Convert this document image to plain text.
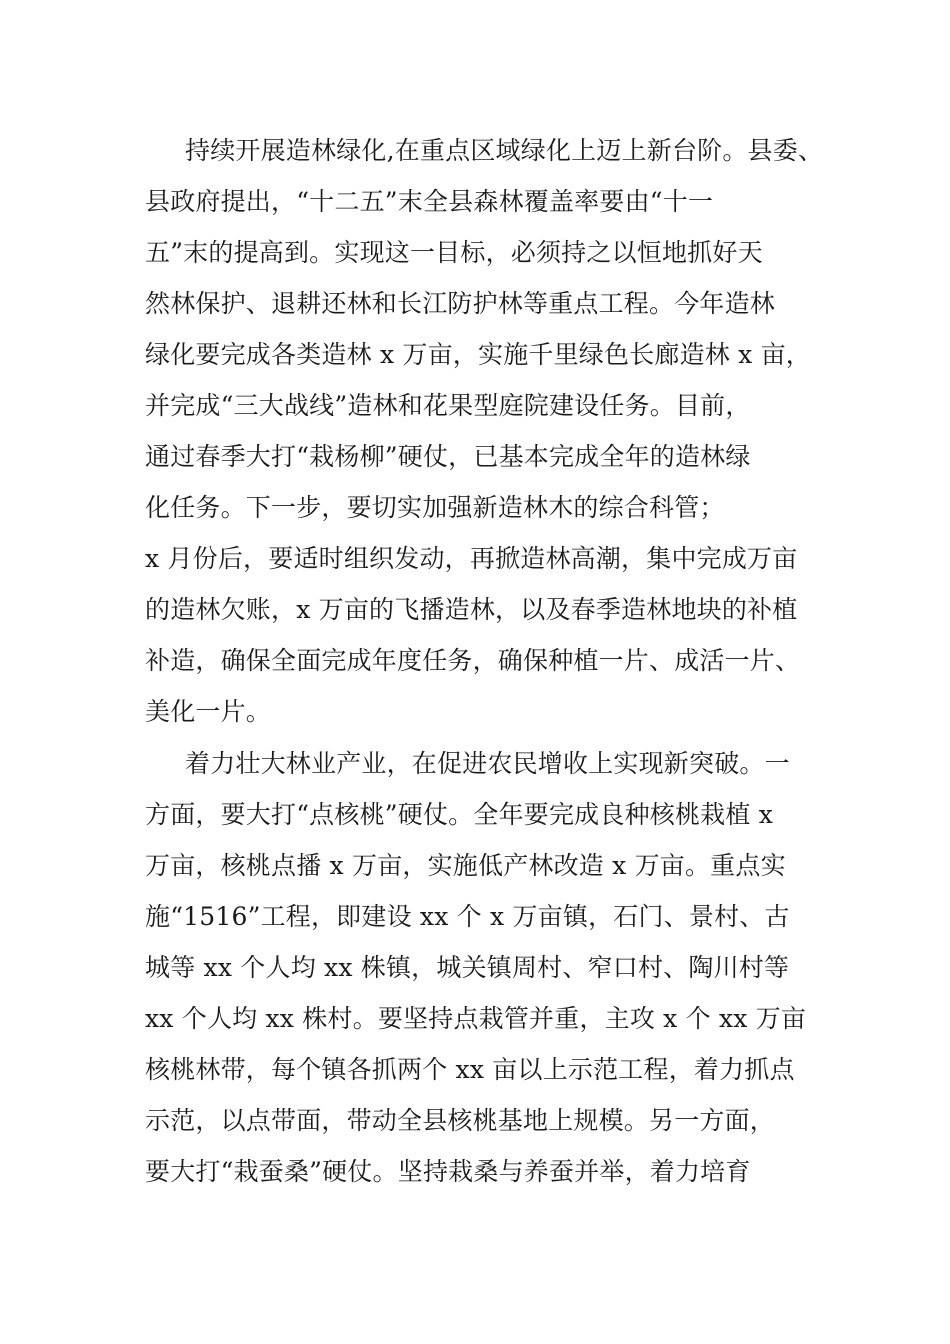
持续开展造林绿化,在重点区域绿化上迈上新台阶。县委、
县政府提出，“十二五”末全县森林覆盖率要由“十一
五”末的提高到。实现这一目标，必须持之以恒地抓好天
然林保护、退耕还林和长江防护林等重点工程。今年造林
绿化要完成各类造林 x 万亩，实施千里绿色长廊造林 x 亩，
并完成“三大战线”造林和花果型庭院建设任务。目前，
通过春季大打“栽杨柳”硬仗，已基本完成全年的造林绿
化任务。下一步，要切实加强新造林木的综合科管；
x 月份后，要适时组织发动，再掀造林高潮，集中完成万亩
的造林欠账，x 万亩的飞播造林，以及春季造林地块的补植
补造，确保全面完成年度任务，确保种植一片、成活一片、
美化一片。
着力壮大林业产业，在促进农民增收上实现新突破。一
方面，要大打“点核桃”硬仗。全年要完成良种核桃栽植 x
万亩，核桃点播 x 万亩，实施低产林改造 x 万亩。重点实
施“1516”工程，即建设 xx 个 x 万亩镇，石门、景村、古
城等 xx 个人均 xx 株镇，城关镇周村、窄口村、陶川村等
xx 个人均 xx 株村。要坚持点栽管并重，主攻 x 个 xx 万亩
核桃林带，每个镇各抓两个 xx 亩以上示范工程，着力抓点
示范，以点带面，带动全县核桃基地上规模。另一方面，
要大打“栽蚕桑”硬仗。坚持栽桑与养蚕并举，着力培育
